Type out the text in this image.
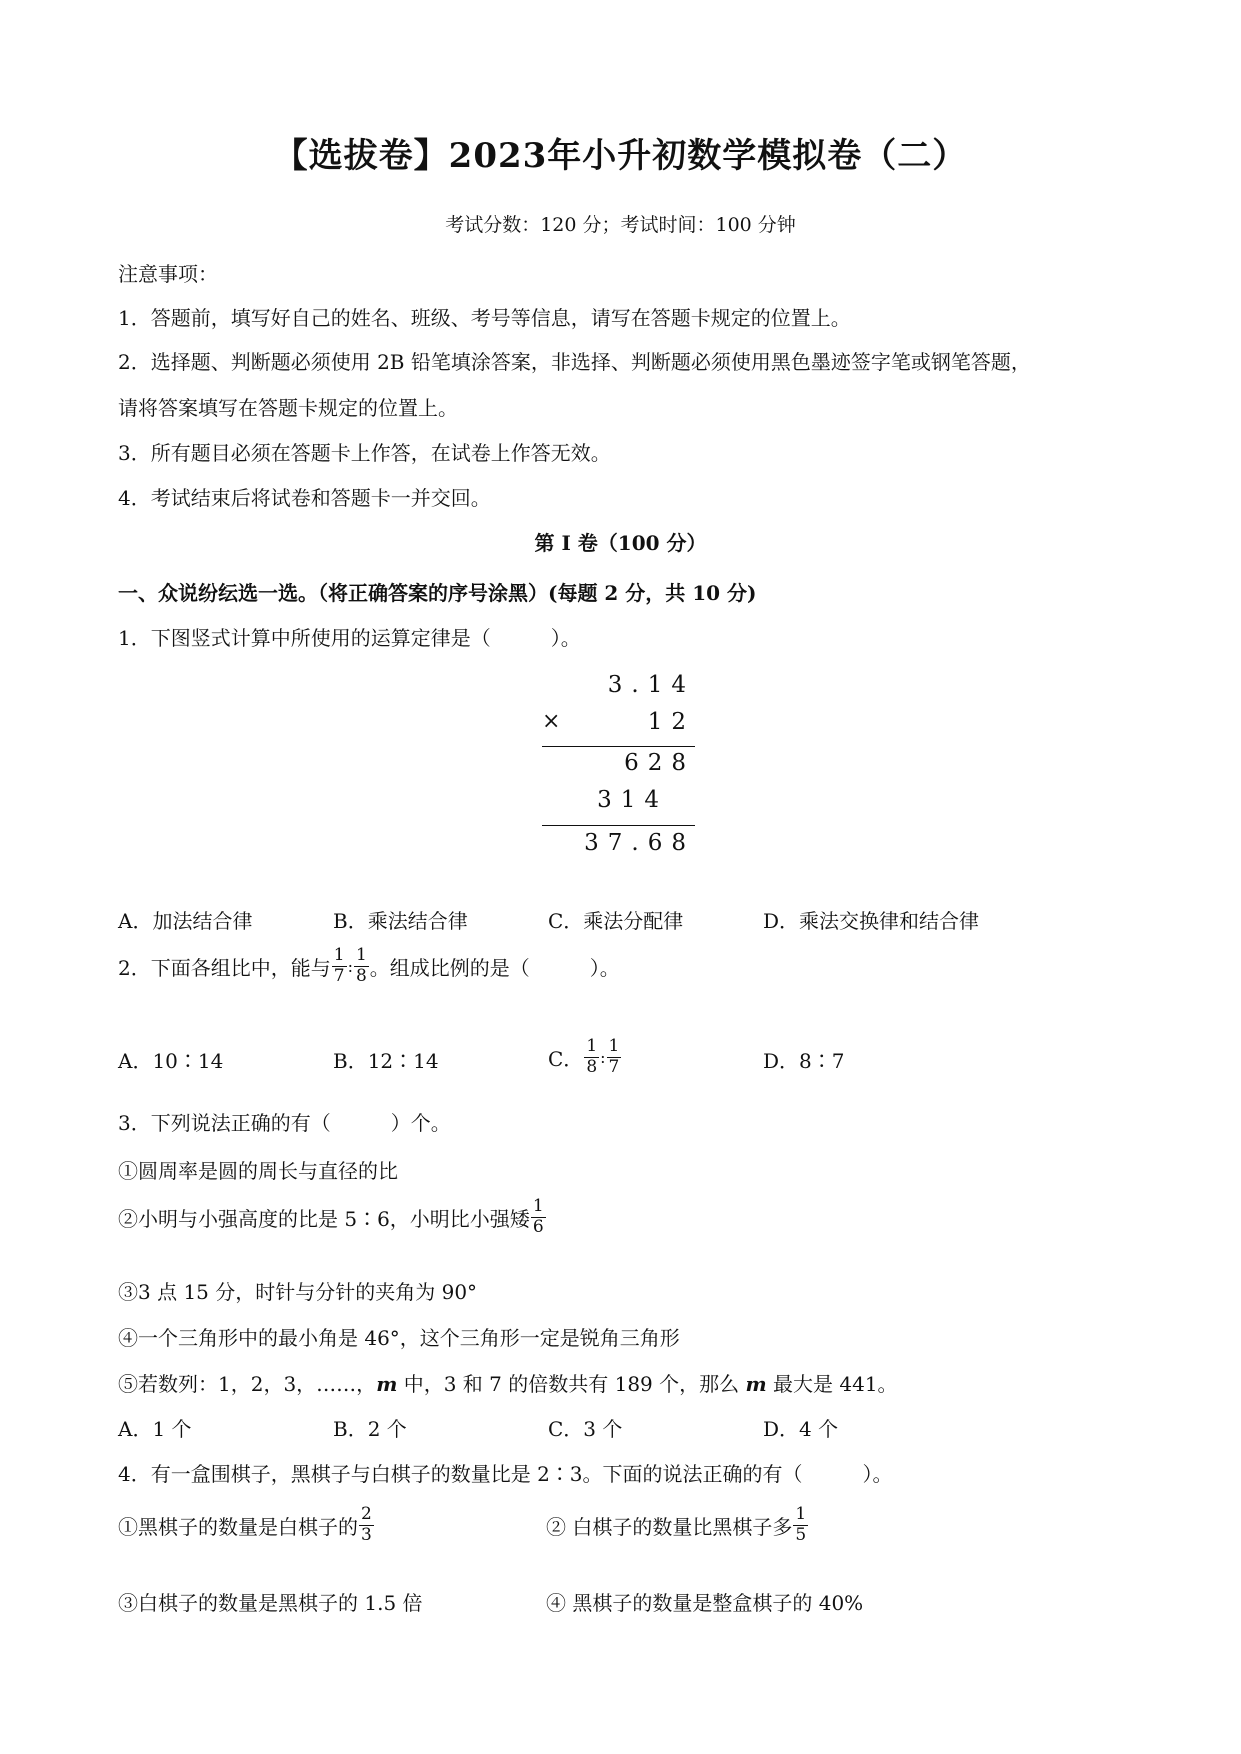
【选拔卷】2023年小升初数学模拟卷（二）
考试分数：120 分；考试时间：100 分钟
注意事项：
1．答题前，填写好自己的姓名、班级、考号等信息，请写在答题卡规定的位置上。
2．选择题、判断题必须使用 2B 铅笔填涂答案，非选择、判断题必须使用黑色墨迹签字笔或钢笔答题，
请将答案填写在答题卡规定的位置上。
3．所有题目必须在答题卡上作答，在试卷上作答无效。
4．考试结束后将试卷和答题卡一并交回。
第 I 卷（100 分）
一、众说纷纭选一选。（将正确答案的序号涂黑）(每题 2 分，共 10 分)
1．下图竖式计算中所使用的运算定律是（　　　）。
3.14
×	12
628
314
37.68
A．加法结合律	B．乘法结合律	C．乘法分配律	D．乘法交换律和结合律
2．下面各组比中，能与 $\frac{1}{7}$ : $\frac{1}{8}$ 。组成比例的是（　　　）。
A．10∶14	B．12∶14	C． $\frac{1}{8}$ : $\frac{1}{7}$	D．8∶7
3．下列说法正确的有（　　　）个。
①圆周率是圆的周长与直径的比
②小明与小强高度的比是 5∶6，小明比小强矮 $\frac{1}{6}$
③3 点 15 分，时针与分针的夹角为 90°
④一个三角形中的最小角是 46°，这个三角形一定是锐角三角形
⑤若数列：1，2，3，……，m 中，3 和 7 的倍数共有 189 个，那么 m 最大是 441。
A．1 个	B．2 个	C．3 个	D．4 个
4．有一盒围棋子，黑棋子与白棋子的数量比是 2∶3。下面的说法正确的有（　　　）。
①黑棋子的数量是白棋子的 $\frac{2}{3}$	② 白棋子的数量比黑棋子多 $\frac{1}{5}$
③白棋子的数量是黑棋子的 1.5 倍	④ 黑棋子的数量是整盒棋子的 40%
